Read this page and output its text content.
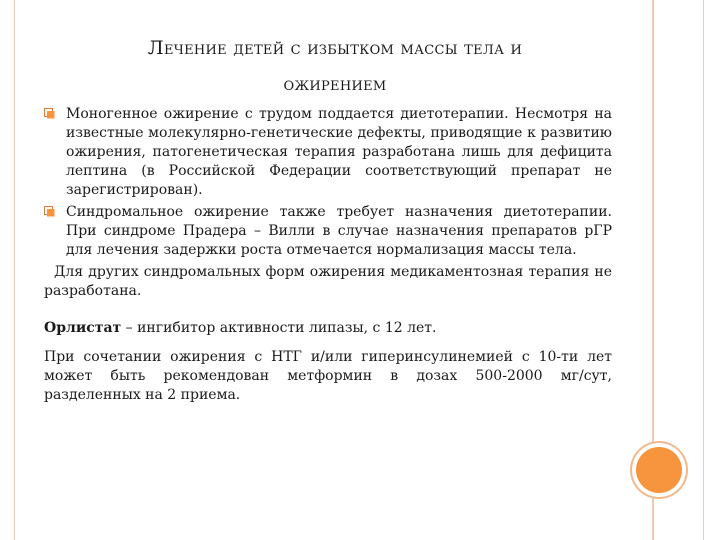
Лечение детей с избытком массы тела и
ожирением

Моногенное ожирение с трудом поддается диетотерапии. Несмотря на известные молекулярно-генетические дефекты, приводящие к развитию ожирения, патогенетическая терапия разработана лишь для дефицита лептина (в Российской Федерации соответствующий препарат не зарегистрирован).

Синдромальное ожирение также требует назначения диетотерапии. При синдроме Прадера – Вилли в случае назначения препаратов рГР для лечения задержки роста отмечается нормализация массы тела.

Для других синдромальных форм ожирения медикаментозная терапия не разработана.

Орлистат – ингибитор активности липазы, с 12 лет.

При сочетании ожирения с НТГ и/или гиперинсулинемией с 10-ти лет может быть рекомендован метформин в дозах 500-2000 мг/сут, разделенных на 2 приема.
